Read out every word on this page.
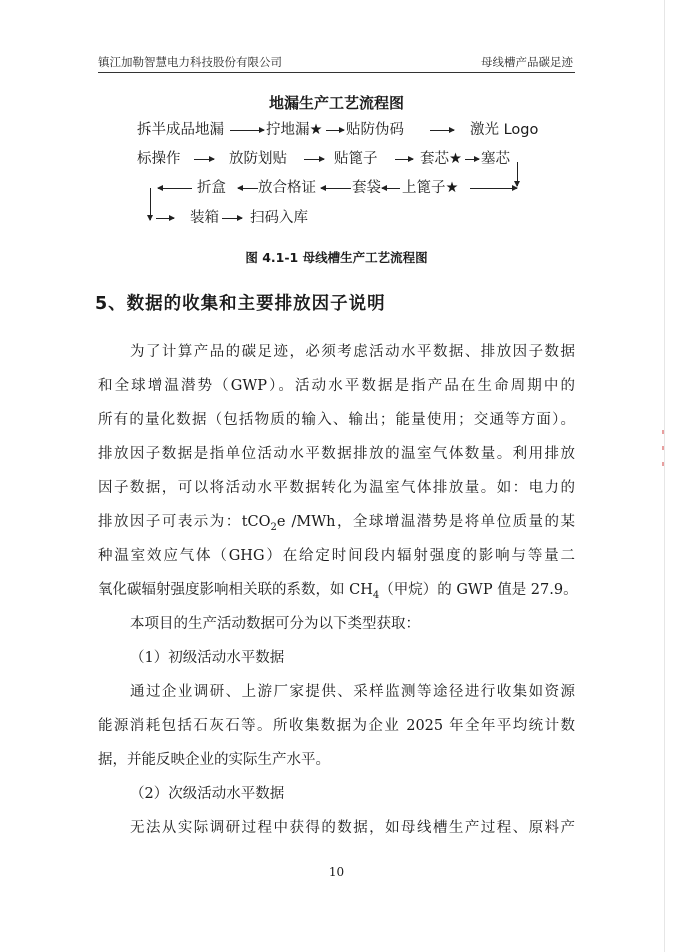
镇江加勒智慧电力科技股份有限公司	母线槽产品碳足迹
地漏生产工艺流程图
拆半成品地漏	拧地漏★ 贴防伪码	激光 Logo
标操作	放防划贴	贴篦子	套芯★ 塞芯
折盒 放合格证 套袋 上篦子★
装箱 扫码入库
图 4.1-1 母线槽生产工艺流程图
5、数据的收集和主要排放因子说明
为了计算产品的碳足迹，必须考虑活动水平数据、排放因子数据
和全球增温潜势（GWP）。活动水平数据是指产品在生命周期中的
所有的量化数据（包括物质的输入、输出；能量使用；交通等方面）。
排放因子数据是指单位活动水平数据排放的温室气体数量。利用排放
因子数据，可以将活动水平数据转化为温室气体排放量。如：电力的
排放因子可表示为：tCO$_2$e /MWh，全球增温潜势是将单位质量的某
种温室效应气体（GHG）在给定时间段内辐射强度的影响与等量二
氧化碳辐射强度影响相关联的系数，如 $CH_4$（甲烷）的 GWP 值是 27.9。
本项目的生产活动数据可分为以下类型获取：
（1）初级活动水平数据
通过企业调研、上游厂家提供、采样监测等途径进行收集如资源
能源消耗包括石灰石等。所收集数据为企业 2025 年全年平均统计数
据，并能反映企业的实际生产水平。
（2）次级活动水平数据
无法从实际调研过程中获得的数据，如母线槽生产过程、原料产
10
